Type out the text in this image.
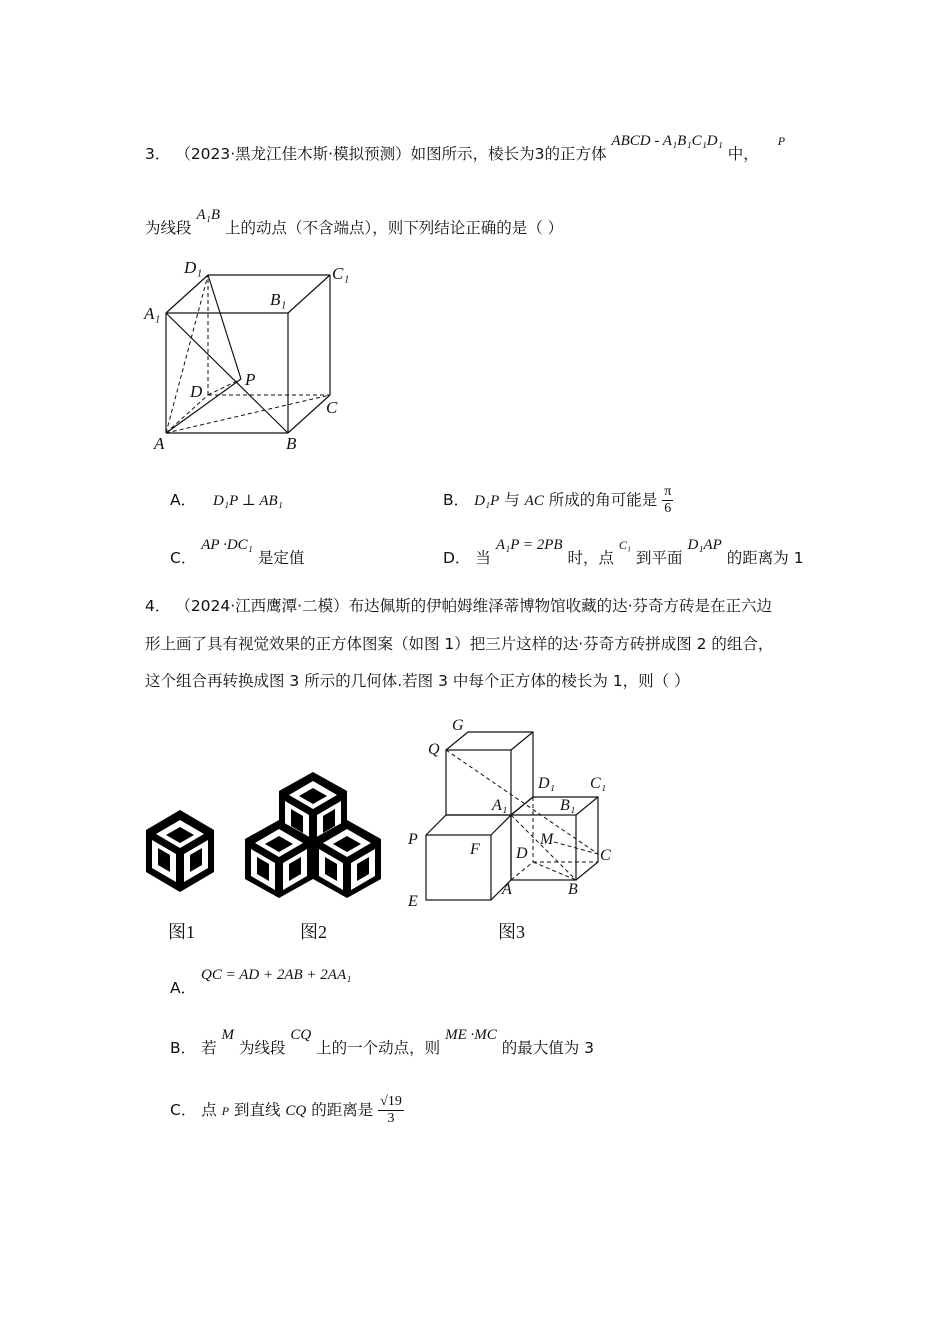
3． （2023·黑龙江佳木斯·模拟预测）如图所示，棱长为3的正方体 ABCD - A₁B₁C₁D₁ 中， $^P$
为线段 A₁B 上的动点（不含端点），则下列结论正确的是（ ）
D₁	C₁
B₁
A₁
D
P
C
A	B
A． D₁P ⊥ AB₁	B． D₁P 与 AC 所成的角可能是 $\frac{\pi}{6}$
C． AP ·DC₁ 是定值	D． 当 A₁P = 2PB 时，点 $^{C_1}$ 到平面 D₁AP 的距离为 1
4． （2024·江西鹰潭·二模）布达佩斯的伊帕姆维泽蒂博物馆收藏的达·芬奇方砖是在正六边
形上画了具有视觉效果的正方体图案（如图 1）把三片这样的达·芬奇方砖拼成图 2 的组合，
这个组合再转换成图 3 所示的几何体.若图 3 中每个正方体的棱长为 1，则（ ）
G
Q
D₁ C₁
A₁	B₁
P
F
M
D	C
E
A	B
图1	图2	图3
A． QC = AD + 2AB + 2AA₁
B． 若 M 为线段 CQ 上的一个动点，则 ME ·MC 的最大值为 3
C． 点 P 到直线 CQ 的距离是 $\frac{√19}{3}$
